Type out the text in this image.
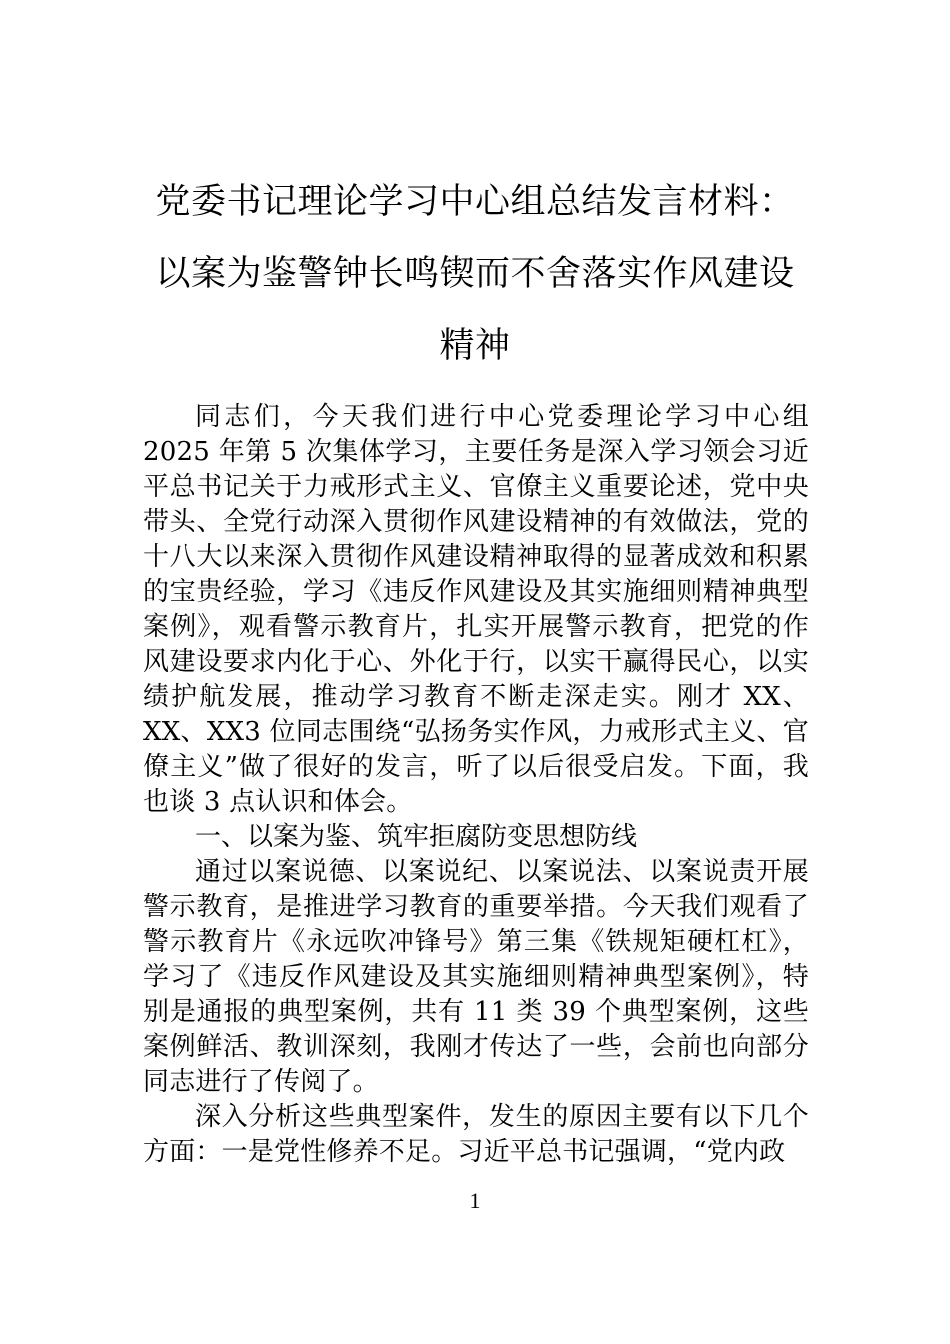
党委书记理论学习中心组总结发言材料：
以案为鉴警钟长鸣锲而不舍落实作风建设
精神

同志们，今天我们进行中心党委理论学习中心组 2025 年第 5 次集体学习，主要任务是深入学习领会习近平总书记关于力戒形式主义、官僚主义重要论述，党中央带头、全党行动深入贯彻作风建设精神的有效做法，党的十八大以来深入贯彻作风建设精神取得的显著成效和积累的宝贵经验，学习《违反作风建设及其实施细则精神典型案例》，观看警示教育片，扎实开展警示教育，把党的作风建设要求内化于心、外化于行，以实干赢得民心，以实绩护航发展，推动学习教育不断走深走实。刚才 XX、XX、XX3 位同志围绕“弘扬务实作风，力戒形式主义、官僚主义”做了很好的发言，听了以后很受启发。下面，我也谈 3 点认识和体会。

一、以案为鉴、筑牢拒腐防变思想防线

通过以案说德、以案说纪、以案说法、以案说责开展警示教育，是推进学习教育的重要举措。今天我们观看了警示教育片《永远吹冲锋号》第三集《铁规矩硬杠杠》，学习了《违反作风建设及其实施细则精神典型案例》，特别是通报的典型案例，共有 11 类 39 个典型案例，这些案例鲜活、教训深刻，我刚才传达了一些，会前也向部分同志进行了传阅了。

深入分析这些典型案件，发生的原因主要有以下几个方面：一是党性修养不足。习近平总书记强调，“党内政

1
